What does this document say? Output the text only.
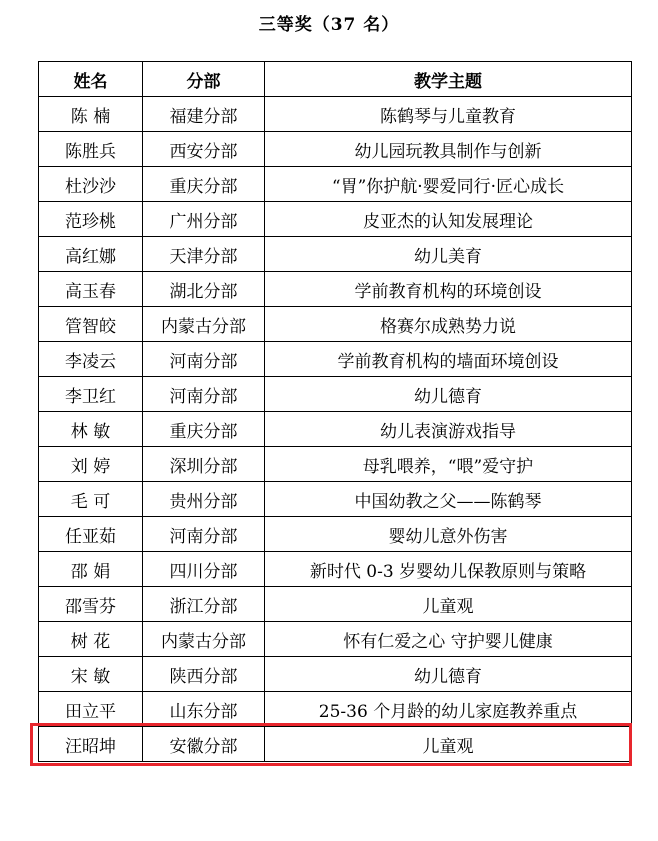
三等奖（37 名）
姓名	分部	教学主题
陈 楠	福建分部	陈鹤琴与儿童教育
陈胜兵	西安分部	幼儿园玩教具制作与创新
杜沙沙	重庆分部	“胃”你护航·婴爱同行·匠心成长
范珍桃	广州分部	皮亚杰的认知发展理论
高红娜	天津分部	幼儿美育
高玉春	湖北分部	学前教育机构的环境创设
管智皎	内蒙古分部	格赛尔成熟势力说
李凌云	河南分部	学前教育机构的墙面环境创设
李卫红	河南分部	幼儿德育
林 敏	重庆分部	幼儿表演游戏指导
刘 婷	深圳分部	母乳喂养，“喂”爱守护
毛 可	贵州分部	中国幼教之父——陈鹤琴
任亚茹	河南分部	婴幼儿意外伤害
邵 娟	四川分部	新时代 0-3 岁婴幼儿保教原则与策略
邵雪芬	浙江分部	儿童观
树 花	内蒙古分部	怀有仁爱之心 守护婴儿健康
宋 敏	陕西分部	幼儿德育
田立平	山东分部	25-36 个月龄的幼儿家庭教养重点
汪昭坤	安徽分部	儿童观
